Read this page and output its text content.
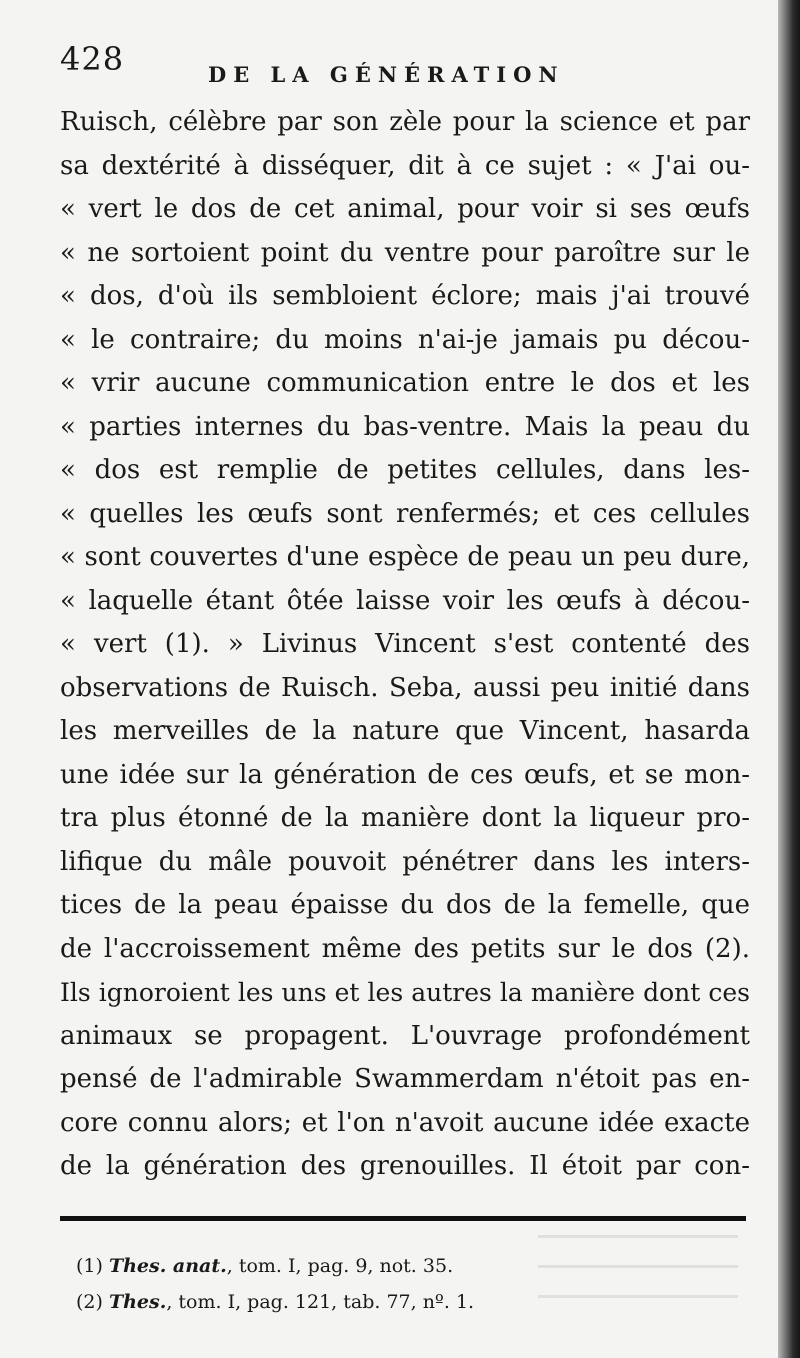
428	DE LA GÉNÉRATION
Ruisch, célèbre par son zèle pour la science et par
sa dextérité à disséquer, dit à ce sujet : « J'ai ou-
« vert le dos de cet animal, pour voir si ses œufs
« ne sortoient point du ventre pour paroître sur le
« dos, d'où ils sembloient éclore; mais j'ai trouvé
« le contraire; du moins n'ai-je jamais pu décou-
« vrir aucune communication entre le dos et les
« parties internes du bas-ventre. Mais la peau du
« dos est remplie de petites cellules, dans les-
« quelles les œufs sont renfermés; et ces cellules
« sont couvertes d'une espèce de peau un peu dure,
« laquelle étant ôtée laisse voir les œufs à décou-
« vert (1). » Livinus Vincent s'est contenté des
observations de Ruisch. Seba, aussi peu initié dans
les merveilles de la nature que Vincent, hasarda
une idée sur la génération de ces œufs, et se mon-
tra plus étonné de la manière dont la liqueur pro-
lifique du mâle pouvoit pénétrer dans les inters-
tices de la peau épaisse du dos de la femelle, que
de l'accroissement même des petits sur le dos (2).
Ils ignoroient les uns et les autres la manière dont ces
animaux se propagent. L'ouvrage profondément
pensé de l'admirable Swammerdam n'étoit pas en-
core connu alors; et l'on n'avoit aucune idée exacte
de la génération des grenouilles. Il étoit par con-
(1) Thes. anat., tom. I, pag. 9, not. 35.
(2) Thes., tom. I, pag. 121, tab. 77, nº. 1.
